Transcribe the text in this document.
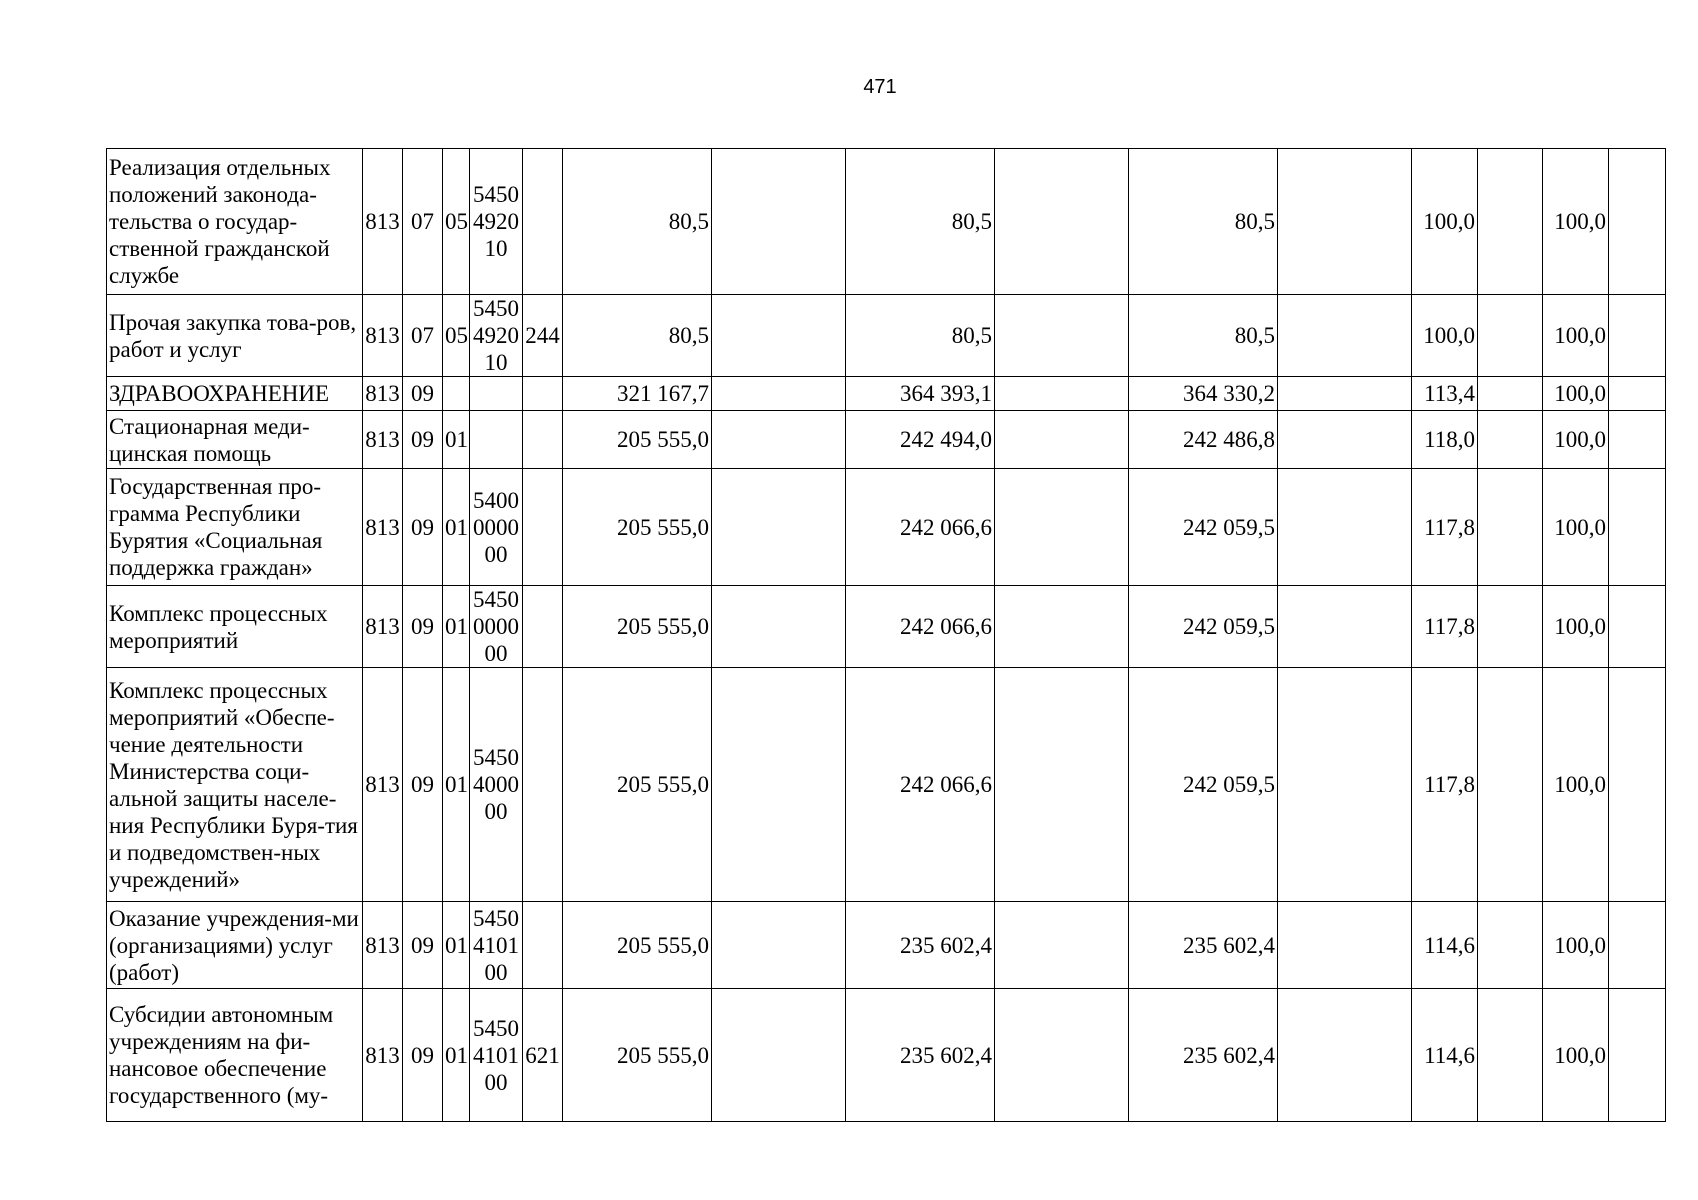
471
Реализация отдельных положений законода-тельства о государ-ственной гражданской службе	813	07	05	5450 4920 10		80,5		80,5		80,5		100,0		100,0	
Прочая закупка това-ров, работ и услуг	813	07	05	5450 4920 10	244	80,5		80,5		80,5		100,0		100,0	
ЗДРАВООХРАНЕНИЕ	813	09				321 167,7		364 393,1		364 330,2		113,4		100,0	
Стационарная меди-цинская помощь	813	09	01			205 555,0		242 494,0		242 486,8		118,0		100,0	
Государственная про-грамма Республики Бурятия «Социальная поддержка граждан»	813	09	01	5400 0000 00		205 555,0		242 066,6		242 059,5		117,8		100,0	
Комплекс процессных мероприятий	813	09	01	5450 0000 00		205 555,0		242 066,6		242 059,5		117,8		100,0	
Комплекс процессных мероприятий «Обеспе-чение деятельности Министерства соци-альной защиты населе-ния Республики Буря-тия и подведомствен-ных учреждений»	813	09	01	5450 4000 00		205 555,0		242 066,6		242 059,5		117,8		100,0	
Оказание учреждения-ми (организациями) услуг (работ)	813	09	01	5450 4101 00		205 555,0		235 602,4		235 602,4		114,6		100,0	
Субсидии автономным учреждениям на фи-нансовое обеспечение государственного (му-	813	09	01	5450 4101 00	621	205 555,0		235 602,4		235 602,4		114,6		100,0	
